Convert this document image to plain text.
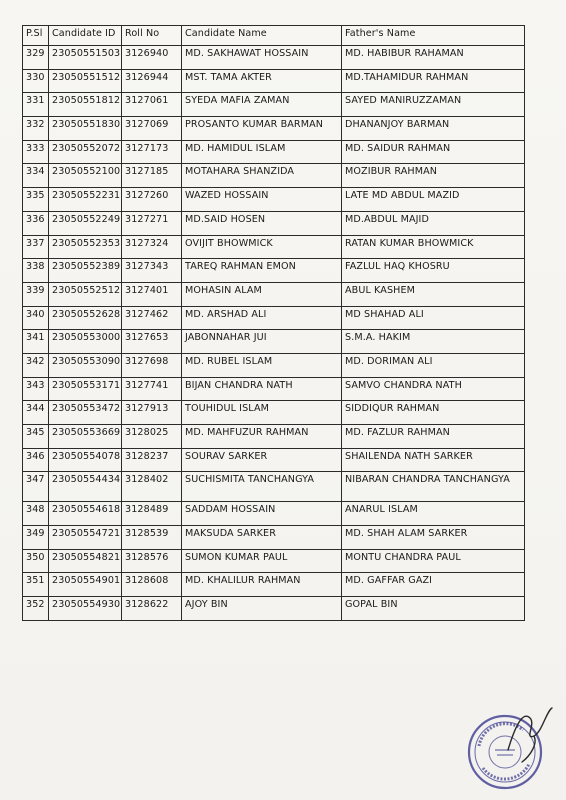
P.Sl	Candidate ID	Roll No	Candidate Name	Father's Name
329	23050551503	3126940	MD. SAKHAWAT HOSSAIN	MD. HABIBUR RAHAMAN
330	23050551512	3126944	MST. TAMA AKTER	MD.TAHAMIDUR RAHMAN
331	23050551812	3127061	SYEDA MAFIA ZAMAN	SAYED MANIRUZZAMAN
332	23050551830	3127069	PROSANTO KUMAR BARMAN	DHANANJOY BARMAN
333	23050552072	3127173	MD. HAMIDUL ISLAM	MD. SAIDUR RAHMAN
334	23050552100	3127185	MOTAHARA SHANZIDA	MOZIBUR RAHMAN
335	23050552231	3127260	WAZED HOSSAIN	LATE MD ABDUL MAZID
336	23050552249	3127271	MD.SAID HOSEN	MD.ABDUL MAJID
337	23050552353	3127324	OVIJIT BHOWMICK	RATAN KUMAR BHOWMICK
338	23050552389	3127343	TAREQ RAHMAN EMON	FAZLUL HAQ KHOSRU
339	23050552512	3127401	MOHASIN ALAM	ABUL KASHEM
340	23050552628	3127462	MD. ARSHAD ALI	MD SHAHAD ALI
341	23050553000	3127653	JABONNAHAR JUI	S.M.A. HAKIM
342	23050553090	3127698	MD. RUBEL ISLAM	MD. DORIMAN ALI
343	23050553171	3127741	BIJAN CHANDRA NATH	SAMVO CHANDRA NATH
344	23050553472	3127913	TOUHIDUL ISLAM	SIDDIQUR RAHMAN
345	23050553669	3128025	MD. MAHFUZUR RAHMAN	MD. FAZLUR RAHMAN
346	23050554078	3128237	SOURAV SARKER	SHAILENDA NATH SARKER
347	23050554434	3128402	SUCHISMITA TANCHANGYA	NIBARAN CHANDRA TANCHANGYA
348	23050554618	3128489	SADDAM HOSSAIN	ANARUL ISLAM
349	23050554721	3128539	MAKSUDA SARKER	MD. SHAH ALAM SARKER
350	23050554821	3128576	SUMON KUMAR PAUL	MONTU CHANDRA PAUL
351	23050554901	3128608	MD. KHALILUR RAHMAN	MD. GAFFAR GAZI
352	23050554930	3128622	AJOY BIN	GOPAL BIN
